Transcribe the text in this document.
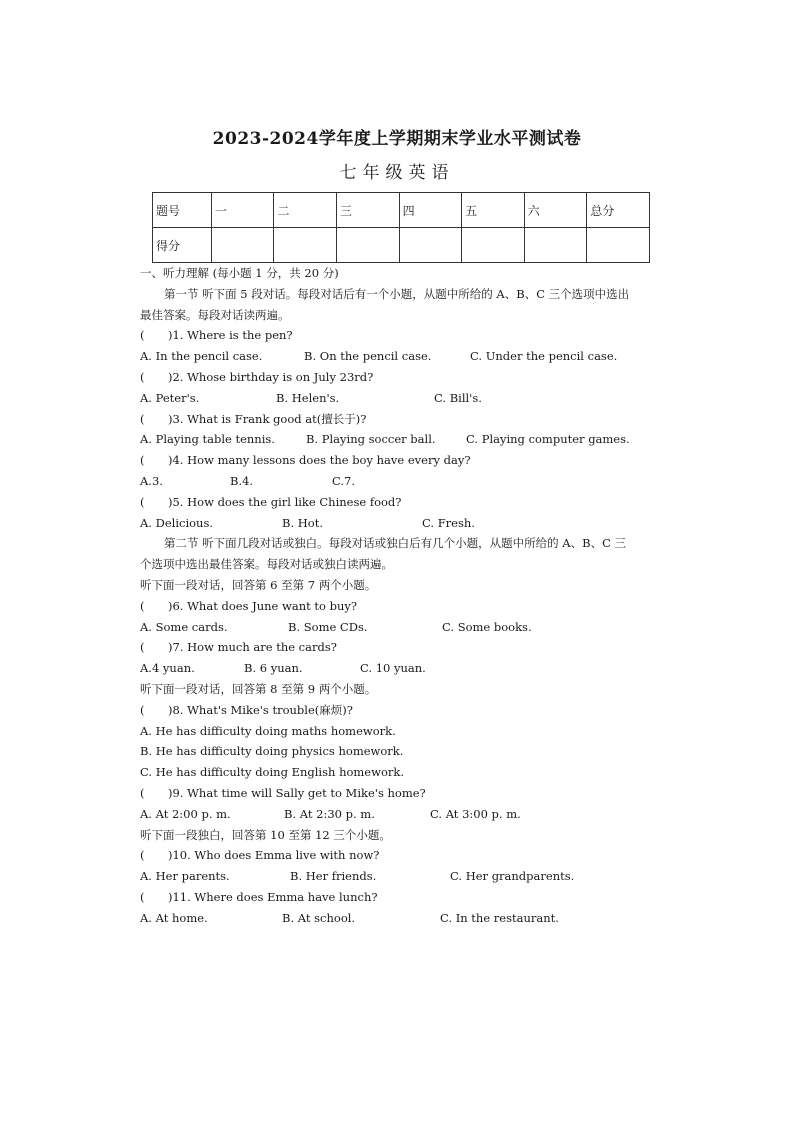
2023-2024学年度上学期期末学业水平测试卷
七年级英语
题号	一	二	三	四	五	六	总分
得分							
一、听力理解 (每小题 1 分，共 20 分)
第一节 听下面 5 段对话。每段对话后有一个小题，从题中所给的 A、B、C 三个选项中选出
最佳答案。每段对话读两遍。
( )1. Where is the pen?
A. In the pencil case.	B. On the pencil case.	C. Under the pencil case.
( )2. Whose birthday is on July 23rd?
A. Peter's.	B. Helen's.	C. Bill's.
( )3. What is Frank good at(擅长于)?
A. Playing table tennis.	B. Playing soccer ball.	C. Playing computer games.
( )4. How many lessons does the boy have every day?
A.3.	B.4.	C.7.
( )5. How does the girl like Chinese food?
A. Delicious.	B. Hot.	C. Fresh.
第二节 听下面几段对话或独白。每段对话或独白后有几个小题，从题中所给的 A、B、C 三
个选项中选出最佳答案。每段对话或独白读两遍。
听下面一段对话，回答第 6 至第 7 两个小题。
( )6. What does June want to buy?
A. Some cards.	B. Some CDs.	C. Some books.
( )7. How much are the cards?
A.4 yuan.	B. 6 yuan.	C. 10 yuan.
听下面一段对话，回答第 8 至第 9 两个小题。
( )8. What's Mike's trouble(麻烦)?
A. He has difficulty doing maths homework.
B. He has difficulty doing physics homework.
C. He has difficulty doing English homework.
( )9. What time will Sally get to Mike's home?
A. At 2:00 p. m.	B. At 2:30 p. m.	C. At 3:00 p. m.
听下面一段独白，回答第 10 至第 12 三个小题。
( )10. Who does Emma live with now?
A. Her parents.	B. Her friends.	C. Her grandparents.
( )11. Where does Emma have lunch?
A. At home.	B. At school.	C. In the restaurant.
